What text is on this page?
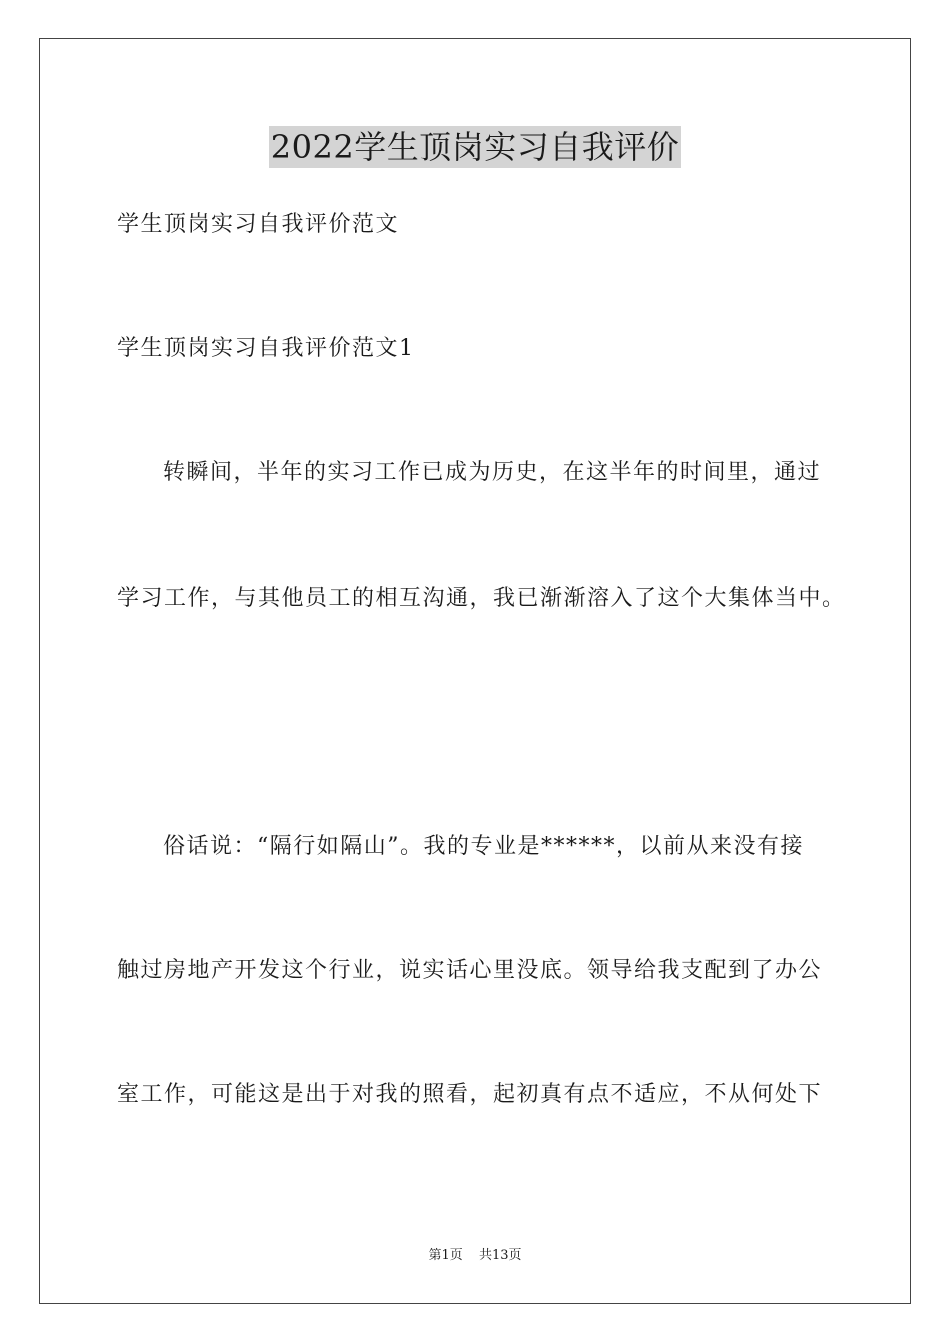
2022学生顶岗实习自我评价
学生顶岗实习自我评价范文
学生顶岗实习自我评价范文1
转瞬间，半年的实习工作已成为历史，在这半年的时间里，通过
学习工作，与其他员工的相互沟通，我已渐渐溶入了这个大集体当中。
俗话说：“隔行如隔山”。我的专业是******，以前从来没有接
触过房地产开发这个行业，说实话心里没底。领导给我支配到了办公
室工作，可能这是出于对我的照看，起初真有点不适应，不从何处下
第1页 共13页
